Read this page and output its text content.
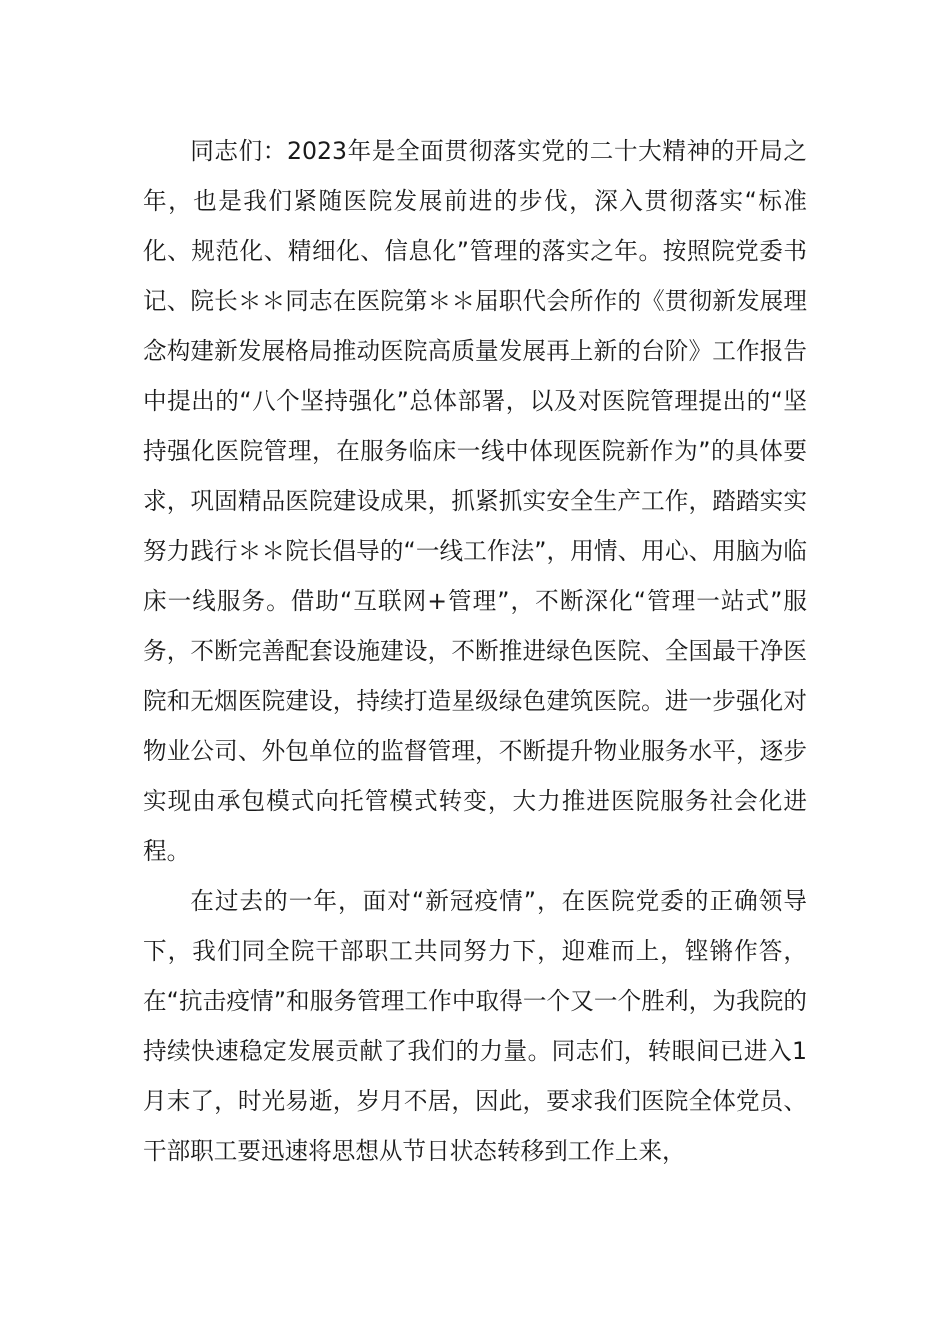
同志们：2023年是全面贯彻落实党的二十大精神的开局之年，也是我们紧随医院发展前进的步伐，深入贯彻落实“标准化、规范化、精细化、信息化”管理的落实之年。按照院党委书记、院长＊＊同志在医院第＊＊届职代会所作的《贯彻新发展理念构建新发展格局推动医院高质量发展再上新的台阶》工作报告中提出的“八个坚持强化”总体部署，以及对医院管理提出的“坚持强化医院管理，在服务临床一线中体现医院新作为”的具体要求，巩固精品医院建设成果，抓紧抓实安全生产工作，踏踏实实努力践行＊＊院长倡导的“一线工作法”，用情、用心、用脑为临床一线服务。借助“互联网+管理”，不断深化“管理一站式”服务，不断完善配套设施建设，不断推进绿色医院、全国最干净医院和无烟医院建设，持续打造星级绿色建筑医院。进一步强化对物业公司、外包单位的监督管理，不断提升物业服务水平，逐步实现由承包模式向托管模式转变，大力推进医院服务社会化进程。

在过去的一年，面对“新冠疫情”，在医院党委的正确领导下，我们同全院干部职工共同努力下，迎难而上，铿锵作答，在“抗击疫情”和服务管理工作中取得一个又一个胜利，为我院的持续快速稳定发展贡献了我们的力量。同志们，转眼间已进入1月末了，时光易逝，岁月不居，因此，要求我们医院全体党员、干部职工要迅速将思想从节日状态转移到工作上来，
